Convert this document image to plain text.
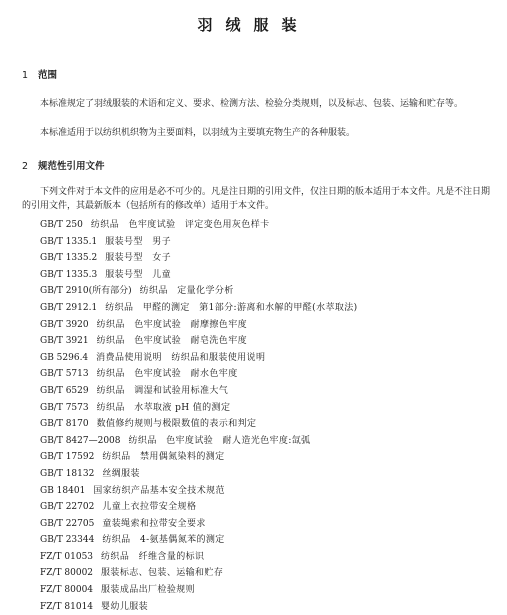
羽绒服装
1 范围
本标准规定了羽绒服装的术语和定义、要求、检测方法、检验分类规则，以及标志、包装、运输和贮存等。
本标准适用于以纺织机织物为主要面料，以羽绒为主要填充物生产的各种服装。
2 规范性引用文件
下列文件对于本文件的应用是必不可少的。凡是注日期的引用文件，仅注日期的版本适用于本文件。凡是不注日期的引用文件，其最新版本（包括所有的修改单）适用于本文件。
GB/T 250 纺织品　色牢度试验　评定变色用灰色样卡
GB/T 1335.1 服装号型　男子
GB/T 1335.2 服装号型　女子
GB/T 1335.3 服装号型　儿童
GB/T 2910(所有部分) 纺织品　定量化学分析
GB/T 2912.1 纺织品　甲醛的测定　第1部分:游离和水解的甲醛(水萃取法)
GB/T 3920 纺织品　色牢度试验　耐摩擦色牢度
GB/T 3921 纺织品　色牢度试验　耐皂洗色牢度
GB 5296.4 消费品使用说明　纺织品和服装使用说明
GB/T 5713 纺织品　色牢度试验　耐水色牢度
GB/T 6529 纺织品　调湿和试验用标准大气
GB/T 7573 纺织品　水萃取液 pH 值的测定
GB/T 8170 数值修约规则与极限数值的表示和判定
GB/T 8427—2008 纺织品　色牢度试验　耐人造光色牢度:氙弧
GB/T 17592 纺织品　禁用偶氮染料的测定
GB/T 18132 丝绸服装
GB 18401 国家纺织产品基本安全技术规范
GB/T 22702 儿童上衣拉带安全规格
GB/T 22705 童装绳索和拉带安全要求
GB/T 23344 纺织品　4-氨基偶氮苯的测定
FZ/T 01053 纺织品　纤维含量的标识
FZ/T 80002 服装标志、包装、运输和贮存
FZ/T 80004 服装成品出厂检验规则
FZ/T 81014 婴幼儿服装
